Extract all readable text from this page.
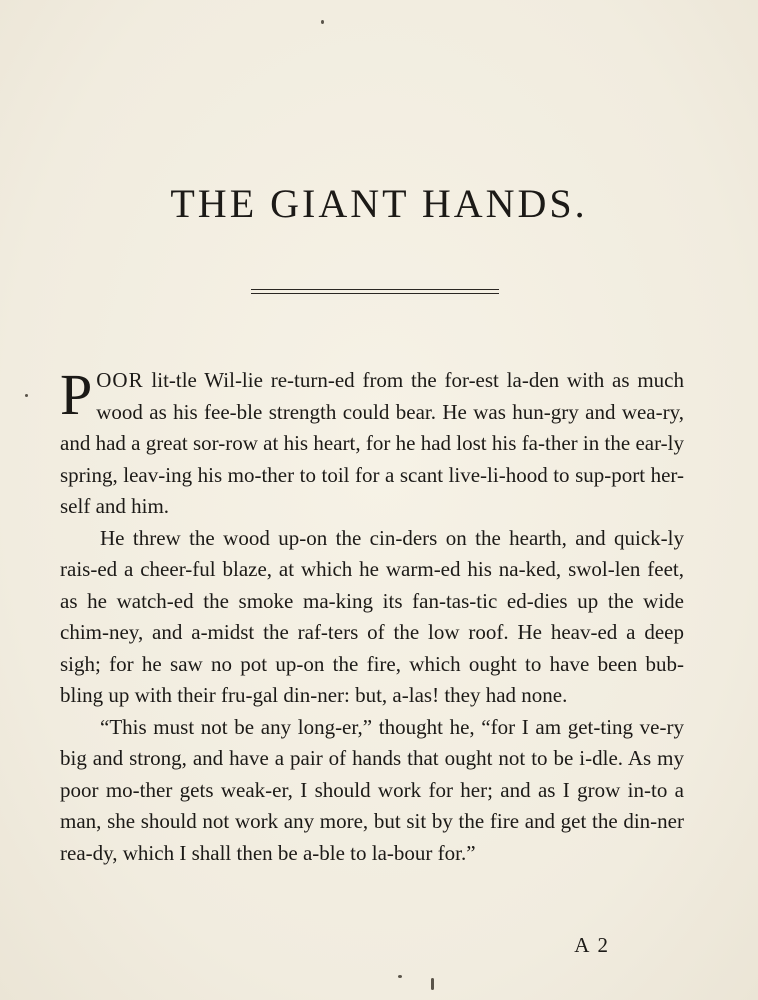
THE GIANT HANDS.

POOR lit-tle Wil-lie re-turn-ed from the for-est la-den with as much wood as his fee-ble strength could bear. He was hun-gry and wea-ry, and had a great sor-row at his heart, for he had lost his fa-ther in the ear-ly spring, leav-ing his mo-ther to toil for a scant live-li-hood to sup-port her-self and him.

He threw the wood up-on the cin-ders on the hearth, and quick-ly rais-ed a cheer-ful blaze, at which he warm-ed his na-ked, swol-len feet, as he watch-ed the smoke ma-king its fan-tas-tic ed-dies up the wide chim-ney, and a-midst the raf-ters of the low roof. He heav-ed a deep sigh; for he saw no pot up-on the fire, which ought to have been bub-bling up with their fru-gal din-ner: but, a-las! they had none.

“This must not be any long-er,” thought he, “for I am get-ting ve-ry big and strong, and have a pair of hands that ought not to be i-dle. As my poor mo-ther gets weak-er, I should work for her; and as I grow in-to a man, she should not work any more, but sit by the fire and get the din-ner rea-dy, which I shall then be a-ble to la-bour for.”

A 2
